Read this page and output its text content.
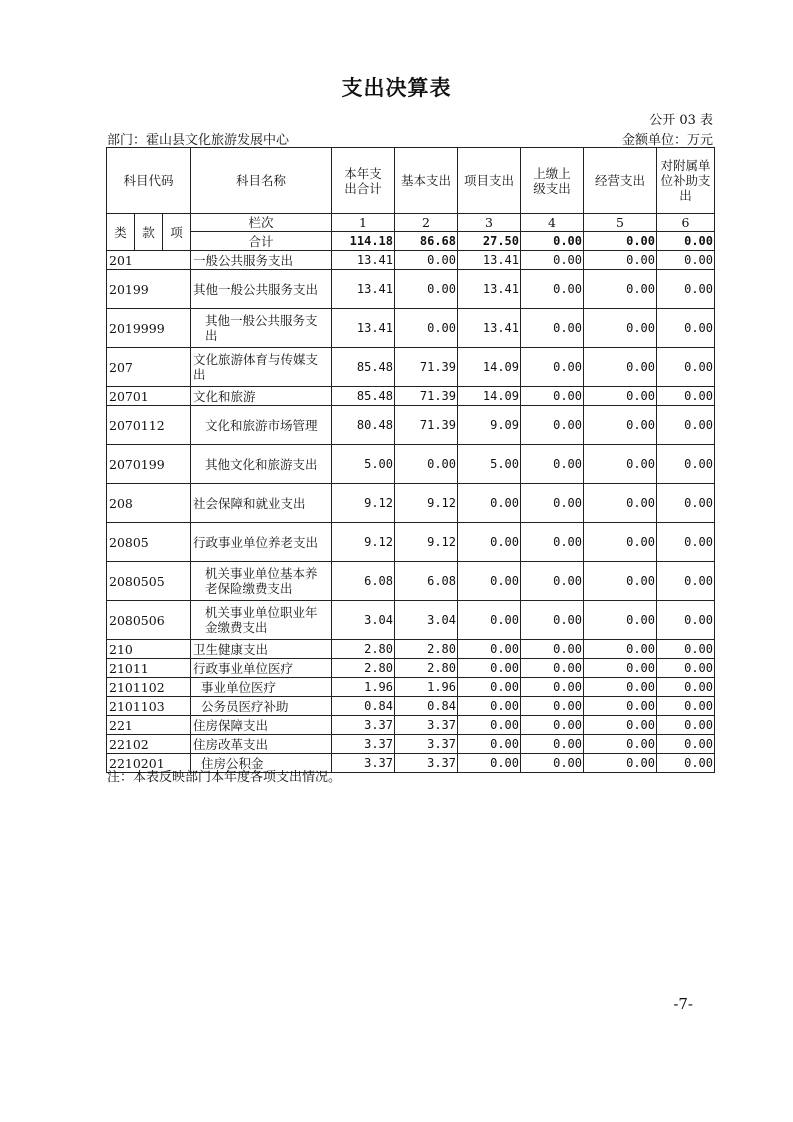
支出决算表
公开 03 表
部门：霍山县文化旅游发展中心	金额单位：万元
科目代码			科目名称	本年支出合计	基本支出	项目支出	上缴上级支出	经营支出	对附属单位补助支出
类	款	项	栏次	1	2	3	4	5	6
			合计	114.18	86.68	27.50	0.00	0.00	0.00
201			一般公共服务支出	13.41	0.00	13.41	0.00	0.00	0.00
20199			其他一般公共服务支出	13.41	0.00	13.41	0.00	0.00	0.00
2019999			其他一般公共服务支出	13.41	0.00	13.41	0.00	0.00	0.00
207			文化旅游体育与传媒支出	85.48	71.39	14.09	0.00	0.00	0.00
20701			文化和旅游	85.48	71.39	14.09	0.00	0.00	0.00
2070112			文化和旅游市场管理	80.48	71.39	9.09	0.00	0.00	0.00
2070199			其他文化和旅游支出	5.00	0.00	5.00	0.00	0.00	0.00
208			社会保障和就业支出	9.12	9.12	0.00	0.00	0.00	0.00
20805			行政事业单位养老支出	9.12	9.12	0.00	0.00	0.00	0.00
2080505			机关事业单位基本养老保险缴费支出	6.08	6.08	0.00	0.00	0.00	0.00
2080506			机关事业单位职业年金缴费支出	3.04	3.04	0.00	0.00	0.00	0.00
210			卫生健康支出	2.80	2.80	0.00	0.00	0.00	0.00
21011			行政事业单位医疗	2.80	2.80	0.00	0.00	0.00	0.00
2101102			事业单位医疗	1.96	1.96	0.00	0.00	0.00	0.00
2101103			公务员医疗补助	0.84	0.84	0.00	0.00	0.00	0.00
221			住房保障支出	3.37	3.37	0.00	0.00	0.00	0.00
22102			住房改革支出	3.37	3.37	0.00	0.00	0.00	0.00
2210201			住房公积金	3.37	3.37	0.00	0.00	0.00	0.00
注：本表反映部门本年度各项支出情况。
-7-
